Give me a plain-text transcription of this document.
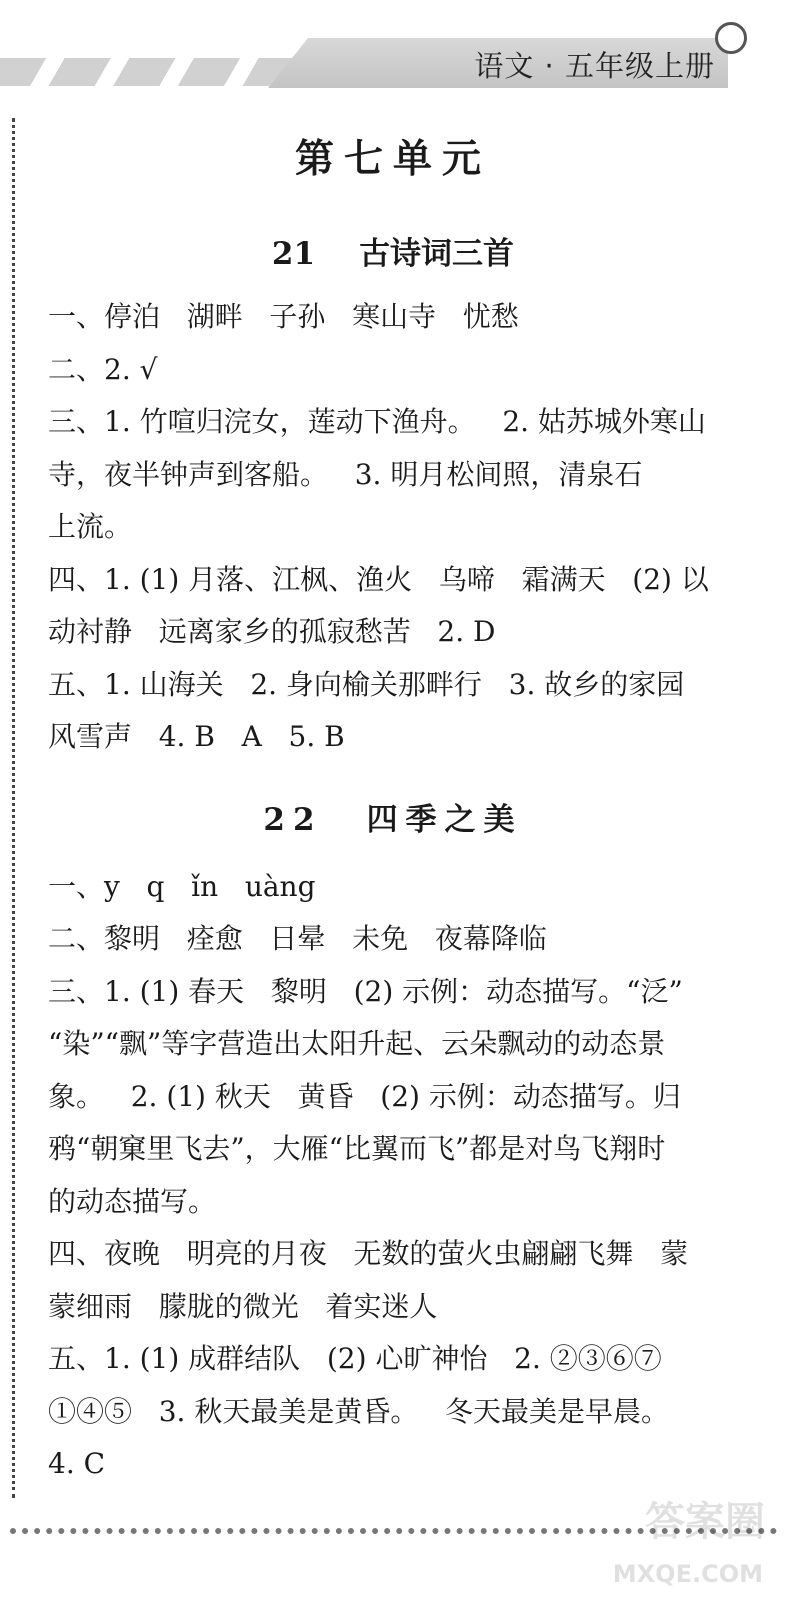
语文 · 五年级上册
第七单元
21 古诗词三首
一、停泊   湖畔   子孙   寒山寺   忧愁
二、2. √
三、1. 竹喧归浣女，莲动下渔舟。   2. 姑苏城外寒山
寺，夜半钟声到客船。   3. 明月松间照，清泉石
上流。
四、1. (1) 月落、江枫、渔火   乌啼   霜满天   (2) 以
动衬静   远离家乡的孤寂愁苦   2. D
五、1. 山海关   2. 身向榆关那畔行   3. 故乡的家园
风雪声   4. B   A   5. B
22 四季之美
一、y   q   ǐn   uàng
二、黎明   痊愈   日晕   未免   夜幕降临
三、1. (1) 春天   黎明   (2) 示例：动态描写。“泛”
“染”“飘”等字营造出太阳升起、云朵飘动的动态景
象。   2. (1) 秋天   黄昏   (2) 示例：动态描写。归
鸦“朝窠里飞去”，大雁“比翼而飞”都是对鸟飞翔时
的动态描写。
四、夜晚   明亮的月夜   无数的萤火虫翩翩飞舞   蒙
蒙细雨   朦胧的微光   着实迷人
五、1. (1) 成群结队   (2) 心旷神怡   2. ②③⑥⑦
①④⑤   3. 秋天最美是黄昏。   冬天最美是早晨。
4. C
答案圈
MXQE.COM
